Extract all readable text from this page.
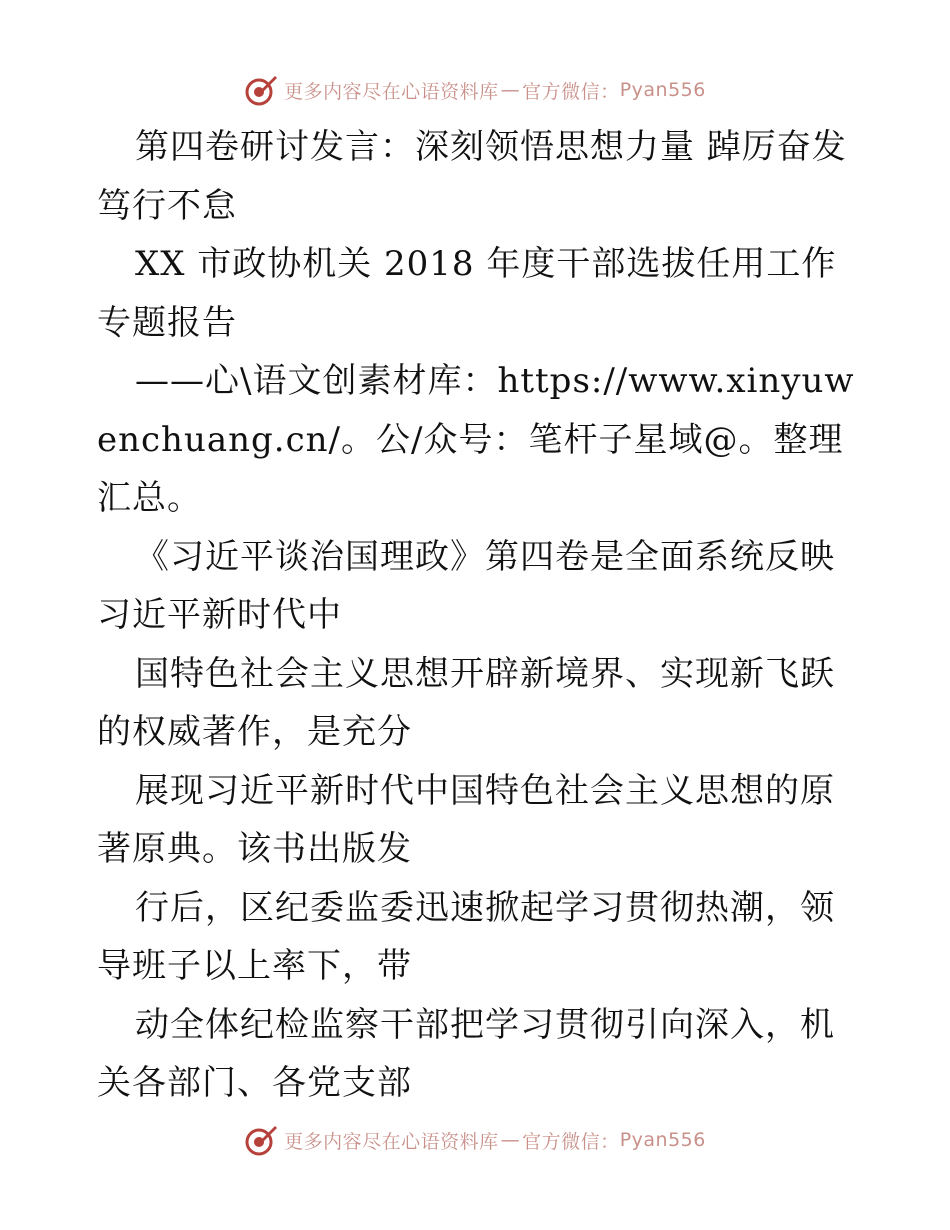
更多内容尽在心语资料库 — 官方微信： Pyan556

第四卷研讨发言：深刻领悟思想力量 踔厉奋发笃行不怠

XX 市政协机关 2018 年度干部选拔任用工作专题报告

——心\语文创素材库：https://www.xinyuwenchuang.cn/。公/众号：笔杆子星域@。整理汇总。

《习近平谈治国理政》第四卷是全面系统反映习近平新时代中

国特色社会主义思想开辟新境界、实现新飞跃的权威著作，是充分

展现习近平新时代中国特色社会主义思想的原著原典。该书出版发

行后，区纪委监委迅速掀起学习贯彻热潮，领导班子以上率下，带

动全体纪检监察干部把学习贯彻引向深入，机关各部门、各党支部

更多内容尽在心语资料库 — 官方微信： Pyan556
